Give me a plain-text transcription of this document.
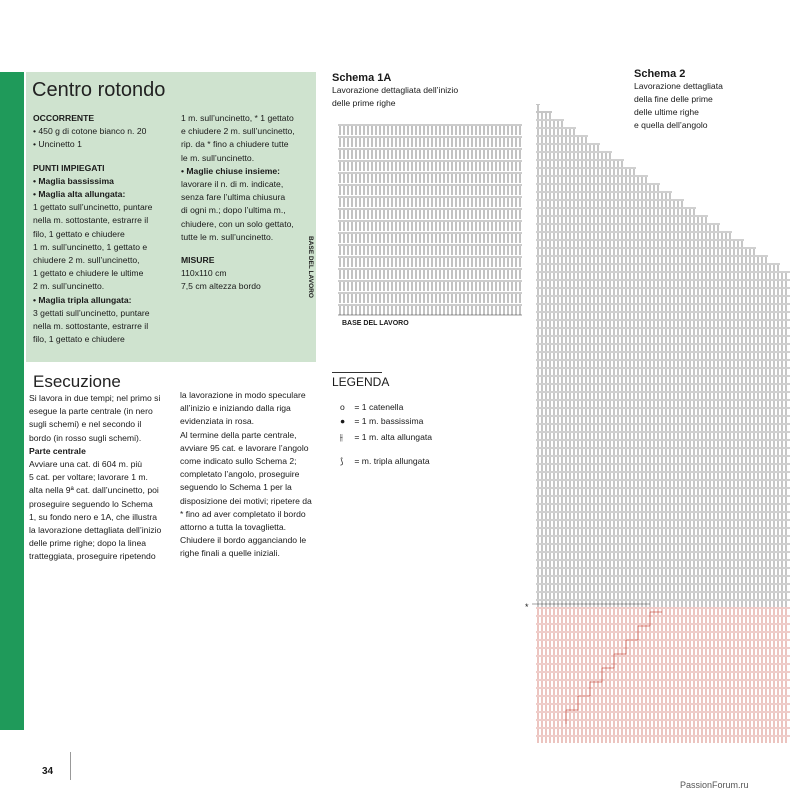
Centro rotondo
OCCORRENTE
• 450 g di cotone bianco n. 20
• Uncinetto 1
PUNTI IMPIEGATI
• Maglia bassissima
• Maglia alta allungata:
1 gettato sull’uncinetto, puntare
nella m. sottostante, estrarre il
filo, 1 gettato e chiudere
1 m. sull’uncinetto, 1 gettato e
chiudere 2 m. sull’uncinetto,
1 gettato e chiudere le ultime
2 m. sull’uncinetto.
• Maglia tripla allungata:
3 gettati sull’uncinetto, puntare
nella m. sottostante, estrarre il
filo, 1 gettato e chiudere
1 m. sull’uncinetto, * 1 gettato
e chiudere 2 m. sull’uncinetto,
rip. da * fino a chiudere tutte
le m. sull’uncinetto.
• Maglie chiuse insieme:
lavorare il n. di m. indicate,
senza fare l’ultima chiusura
di ogni m.; dopo l’ultima m.,
chiudere, con un solo gettato,
tutte le m. sull’uncinetto.
MISURE
110x110 cm
7,5 cm altezza bordo
Esecuzione
Si lavora in due tempi; nel primo si
esegue la parte centrale (in nero
sugli schemi) e nel secondo il
bordo (in rosso sugli schemi).
Parte centrale
Avviare una cat. di 604 m. più
5 cat. per voltare; lavorare 1 m.
alta nella 9ª cat. dall’uncinetto, poi
proseguire seguendo lo Schema
1, su fondo nero e 1A, che illustra
la lavorazione dettagliata dell’inizio
delle prime righe; dopo la linea
tratteggiata, proseguire ripetendo
la lavorazione in modo speculare
all’inizio e iniziando dalla riga
evidenziata in rosa.
Al termine della parte centrale,
avviare 95 cat. e lavorare l’angolo
come indicato sullo Schema 2;
completato l’angolo, proseguire
seguendo lo Schema 1 per la
disposizione dei motivi; ripetere da
* fino ad aver completato il bordo
attorno a tutta la tovaglietta.
Chiudere il bordo agganciando le
righe finali a quelle iniziali.
Schema 1A
Lavorazione dettagliata dell’inizio
delle prime righe
BASE DEL LAVORO
BASE DEL LAVORO
LEGENDA
o = 1 catenella
● = 1 m. bassissima
⫲ = 1 m. alta allungata
⟆ = m. tripla allungata
Schema 2
Lavorazione dettagliata
della fine delle prime
delle ultime righe
e quella dell’angolo
*
34
PassionForum.ru
